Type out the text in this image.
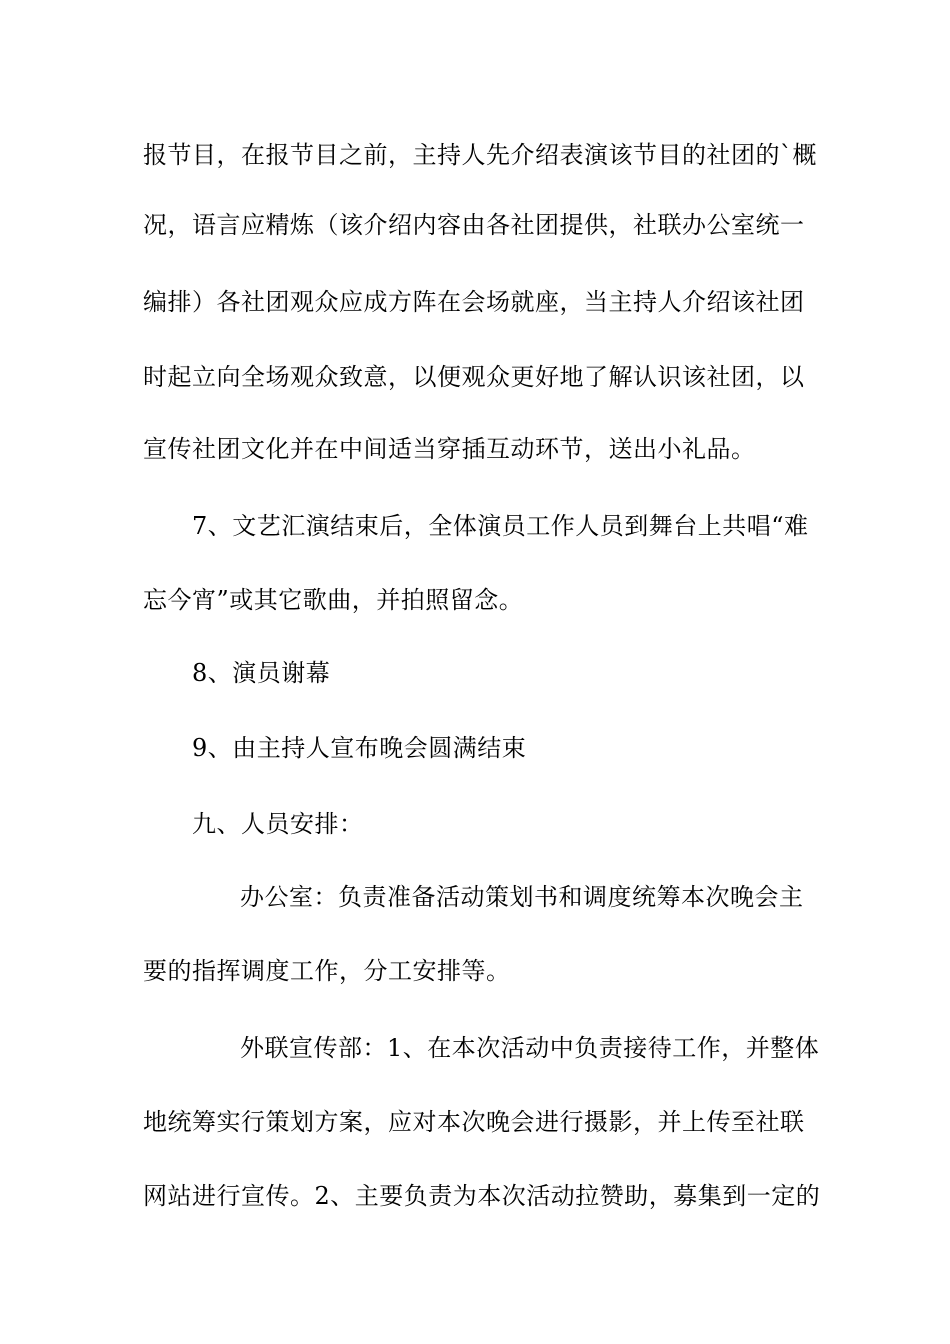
报节目，在报节目之前，主持人先介绍表演该节目的社团的`概
况，语言应精炼（该介绍内容由各社团提供，社联办公室统一
编排）各社团观众应成方阵在会场就座，当主持人介绍该社团
时起立向全场观众致意，以便观众更好地了解认识该社团，以
宣传社团文化并在中间适当穿插互动环节，送出小礼品。
7、文艺汇演结束后，全体演员工作人员到舞台上共唱“难
忘今宵”或其它歌曲，并拍照留念。
8、演员谢幕
9、由主持人宣布晚会圆满结束
九、人员安排：
办公室：负责准备活动策划书和调度统筹本次晚会主
要的指挥调度工作，分工安排等。
外联宣传部：1、在本次活动中负责接待工作，并整体
地统筹实行策划方案，应对本次晚会进行摄影，并上传至社联
网站进行宣传。2、主要负责为本次活动拉赞助，募集到一定的
